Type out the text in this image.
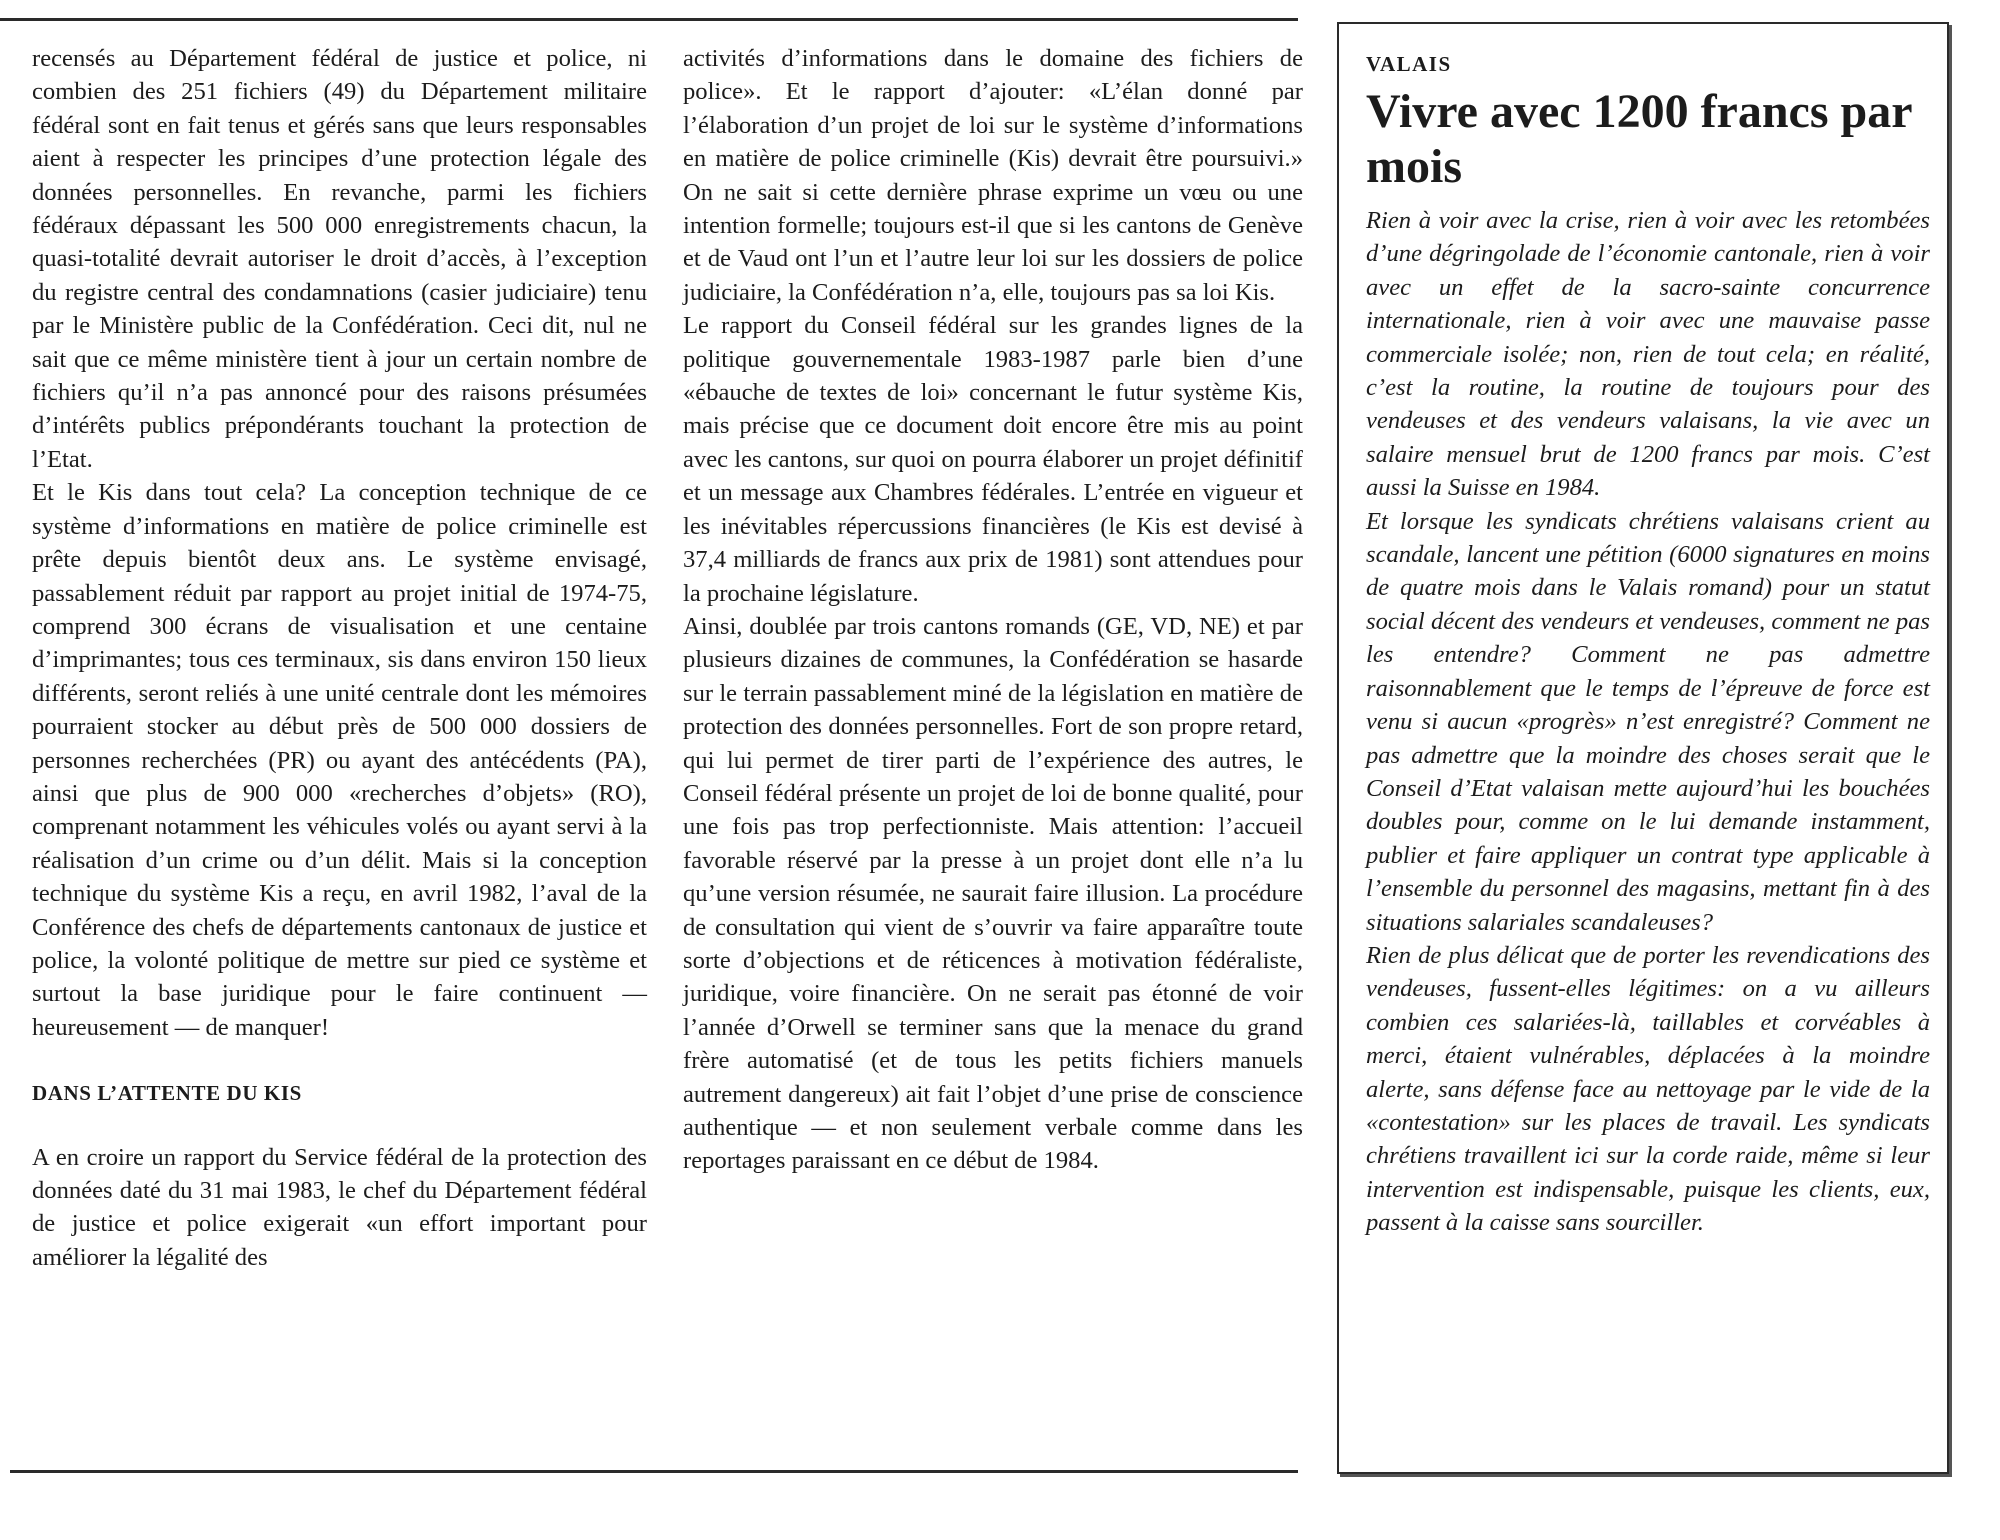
recensés au Département fédéral de justice et police, ni combien des 251 fichiers (49) du Département militaire fédéral sont en fait tenus et gérés sans que leurs responsables aient à respecter les principes d’une protection légale des données personnelles. En revanche, parmi les fichiers fédéraux dépassant les 500 000 enregistrements chacun, la quasi-totalité devrait autoriser le droit d’accès, à l’exception du registre central des condamnations (casier judiciaire) tenu par le Ministère public de la Confédération. Ceci dit, nul ne sait que ce même ministère tient à jour un certain nombre de fichiers qu’il n’a pas annoncé pour des raisons présumées d’intérêts publics prépondérants touchant la protection de l’Etat.

Et le Kis dans tout cela? La conception technique de ce système d’informations en matière de police criminelle est prête depuis bientôt deux ans. Le système envisagé, passablement réduit par rapport au projet initial de 1974-75, comprend 300 écrans de visualisation et une centaine d’imprimantes; tous ces terminaux, sis dans environ 150 lieux différents, seront reliés à une unité centrale dont les mémoires pourraient stocker au début près de 500 000 dossiers de personnes recherchées (PR) ou ayant des antécédents (PA), ainsi que plus de 900 000 «recherches d’objets» (RO), comprenant notamment les véhicules volés ou ayant servi à la réalisation d’un crime ou d’un délit. Mais si la conception technique du système Kis a reçu, en avril 1982, l’aval de la Conférence des chefs de départements cantonaux de justice et police, la volonté politique de mettre sur pied ce système et surtout la base juridique pour le faire continuent — heureusement — de manquer!

DANS L’ATTENTE DU KIS

A en croire un rapport du Service fédéral de la protection des données daté du 31 mai 1983, le chef du Département fédéral de justice et police exigerait «un effort important pour améliorer la légalité des

activités d’informations dans le domaine des fichiers de police». Et le rapport d’ajouter: «L’élan donné par l’élaboration d’un projet de loi sur le système d’informations en matière de police criminelle (Kis) devrait être poursuivi.» On ne sait si cette dernière phrase exprime un vœu ou une intention formelle; toujours est-il que si les cantons de Genève et de Vaud ont l’un et l’autre leur loi sur les dossiers de police judiciaire, la Confédération n’a, elle, toujours pas sa loi Kis.

Le rapport du Conseil fédéral sur les grandes lignes de la politique gouvernementale 1983-1987 parle bien d’une «ébauche de textes de loi» concernant le futur système Kis, mais précise que ce document doit encore être mis au point avec les cantons, sur quoi on pourra élaborer un projet définitif et un message aux Chambres fédérales. L’entrée en vigueur et les inévitables répercussions financières (le Kis est devisé à 37,4 milliards de francs aux prix de 1981) sont attendues pour la prochaine législature.

Ainsi, doublée par trois cantons romands (GE, VD, NE) et par plusieurs dizaines de communes, la Confédération se hasarde sur le terrain passablement miné de la législation en matière de protection des données personnelles. Fort de son propre retard, qui lui permet de tirer parti de l’expérience des autres, le Conseil fédéral présente un projet de loi de bonne qualité, pour une fois pas trop perfectionniste. Mais attention: l’accueil favorable réservé par la presse à un projet dont elle n’a lu qu’une version résumée, ne saurait faire illusion. La procédure de consultation qui vient de s’ouvrir va faire apparaître toute sorte d’objections et de réticences à motivation fédéraliste, juridique, voire financière. On ne serait pas étonné de voir l’année d’Orwell se terminer sans que la menace du grand frère automatisé (et de tous les petits fichiers manuels autrement dangereux) ait fait l’objet d’une prise de conscience authentique — et non seulement verbale comme dans les reportages paraissant en ce début de 1984.

VALAIS

Vivre avec 1200 francs par mois

Rien à voir avec la crise, rien à voir avec les retombées d’une dégringolade de l’économie cantonale, rien à voir avec un effet de la sacro-sainte concurrence internationale, rien à voir avec une mauvaise passe commerciale isolée; non, rien de tout cela; en réalité, c’est la routine, la routine de toujours pour des vendeuses et des vendeurs valaisans, la vie avec un salaire mensuel brut de 1200 francs par mois. C’est aussi la Suisse en 1984.

Et lorsque les syndicats chrétiens valaisans crient au scandale, lancent une pétition (6000 signatures en moins de quatre mois dans le Valais romand) pour un statut social décent des vendeurs et vendeuses, comment ne pas les entendre? Comment ne pas admettre raisonnablement que le temps de l’épreuve de force est venu si aucun «progrès» n’est enregistré? Comment ne pas admettre que la moindre des choses serait que le Conseil d’Etat valaisan mette aujourd’hui les bouchées doubles pour, comme on le lui demande instamment, publier et faire appliquer un contrat type applicable à l’ensemble du personnel des magasins, mettant fin à des situations salariales scandaleuses?

Rien de plus délicat que de porter les revendications des vendeuses, fussent-elles légitimes: on a vu ailleurs combien ces salariées-là, taillables et corvéables à merci, étaient vulnérables, déplacées à la moindre alerte, sans défense face au nettoyage par le vide de la «contestation» sur les places de travail. Les syndicats chrétiens travaillent ici sur la corde raide, même si leur intervention est indispensable, puisque les clients, eux, passent à la caisse sans sourciller.
